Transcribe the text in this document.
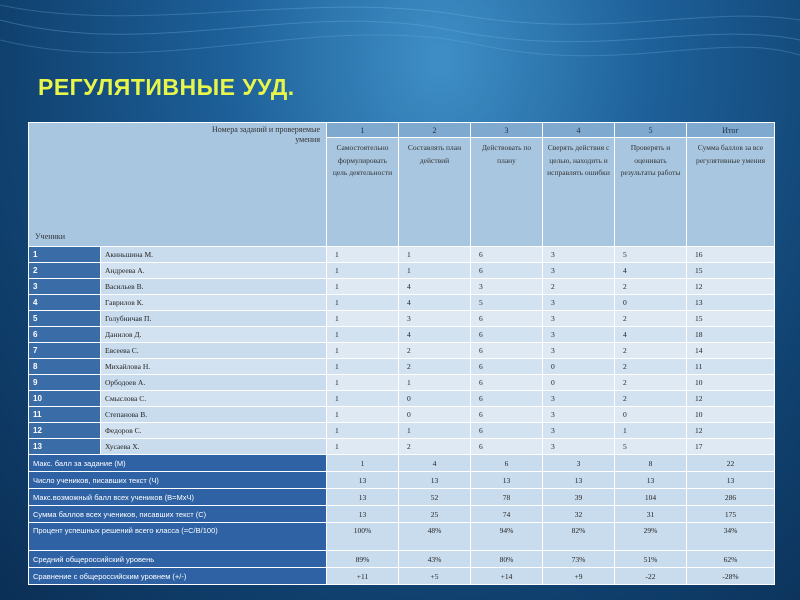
РЕГУЛЯТИВНЫЕ УУД.
Номера заданий и проверяемые умения
Ученики		1	2	3	4	5	Итог
		Самостоятельно формулировать цель деятельности	Составлять план действий	Действовать по плану	Сверять действия с целью, находить и исправлять ошибки	Проверять и оценивать результаты работы	Сумма баллов за все регулятивные умения
1	Акиньшина М.	1	1	6	3	5	16
2	Андреева А.	1	1	6	3	4	15
3	Васильев В.	1	4	3	2	2	12
4	Гаврилов К.	1	4	5	3	0	13
5	Голубничая П.	1	3	6	3	2	15
6	Данилов Д.	1	4	6	3	4	18
7	Евсеева С.	1	2	6	3	2	14
8	Михайлова Н.	1	2	6	0	2	11
9	Орбодоев А.	1	1	6	0	2	10
10	Смыслова С.	1	0	6	3	2	12
11	Степанова В.	1	0	6	3	0	10
12	Федоров С.	1	1	6	3	1	12
13	Хусаева Х.	1	2	6	3	5	17
Макс. балл за задание (М)		1	4	6	3	8	22
Число учеников, писавших текст (Ч)		13	13	13	13	13	13
Макс.возможный балл всех учеников (В=МхЧ)		13	52	78	39	104	286
Сумма баллов всех учеников, писавших текст (С)		13	25	74	32	31	175
Процент успешных решений всего класса (=С/В/100)		100%	48%	94%	82%	29%	34%
Средний общероссийский уровень		89%	43%	80%	73%	51%	62%
Сравнение с общероссийским уровнем (+/-)		+11	+5	+14	+9	-22	-28%
